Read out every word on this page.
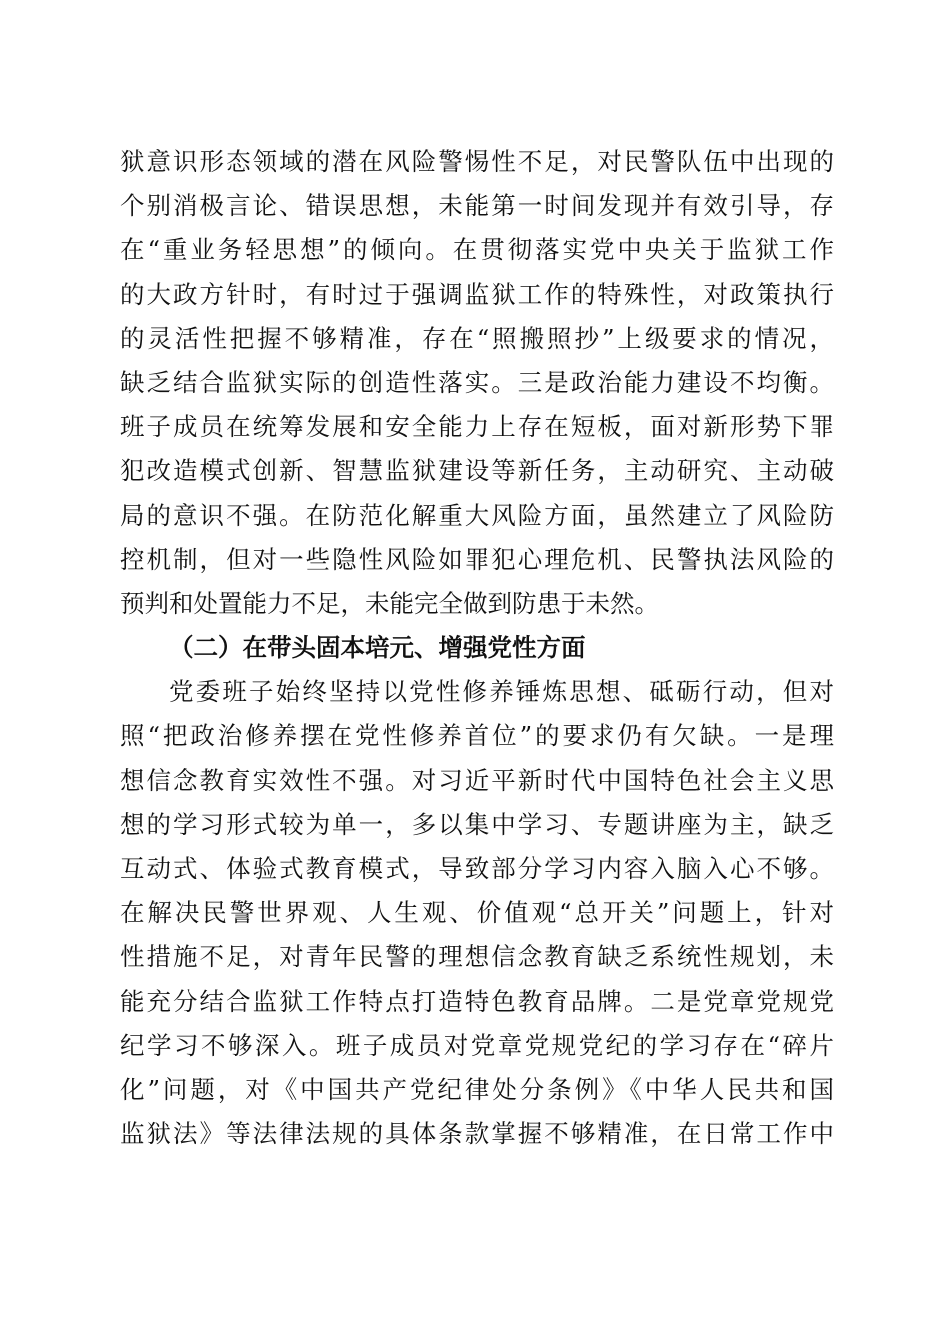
狱意识形态领域的潜在风险警惕性不足，对民警队伍中出现的
个别消极言论、错误思想，未能第一时间发现并有效引导，存
在“重业务轻思想”的倾向。在贯彻落实党中央关于监狱工作
的大政方针时，有时过于强调监狱工作的特殊性，对政策执行
的灵活性把握不够精准，存在“照搬照抄”上级要求的情况，
缺乏结合监狱实际的创造性落实。三是政治能力建设不均衡。
班子成员在统筹发展和安全能力上存在短板，面对新形势下罪
犯改造模式创新、智慧监狱建设等新任务，主动研究、主动破
局的意识不强。在防范化解重大风险方面，虽然建立了风险防
控机制，但对一些隐性风险如罪犯心理危机、民警执法风险的
预判和处置能力不足，未能完全做到防患于未然。
（二）在带头固本培元、增强党性方面
党委班子始终坚持以党性修养锤炼思想、砥砺行动，但对
照“把政治修养摆在党性修养首位”的要求仍有欠缺。一是理
想信念教育实效性不强。对习近平新时代中国特色社会主义思
想的学习形式较为单一，多以集中学习、专题讲座为主，缺乏
互动式、体验式教育模式，导致部分学习内容入脑入心不够。
在解决民警世界观、人生观、价值观“总开关”问题上，针对
性措施不足，对青年民警的理想信念教育缺乏系统性规划，未
能充分结合监狱工作特点打造特色教育品牌。二是党章党规党
纪学习不够深入。班子成员对党章党规党纪的学习存在“碎片
化”问题，对《中国共产党纪律处分条例》《中华人民共和国
监狱法》等法律法规的具体条款掌握不够精准，在日常工作中
